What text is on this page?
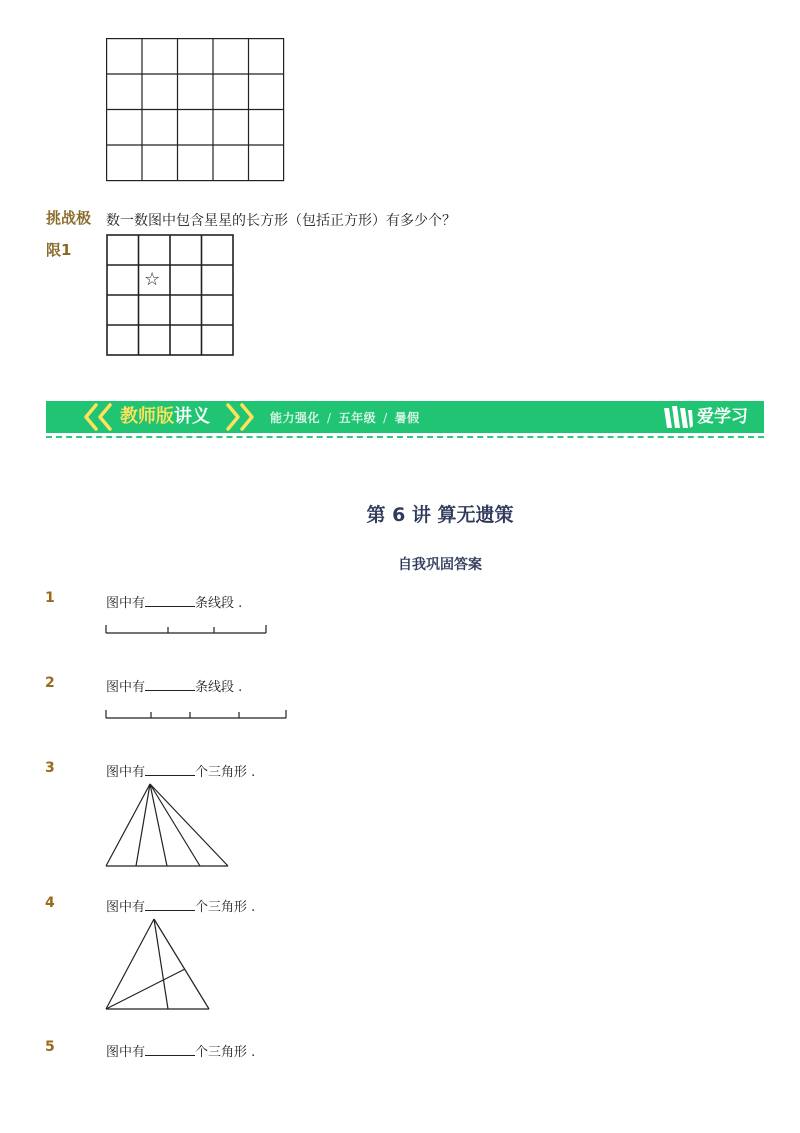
挑战极
限1
数一数图中包含星星的长方形（包括正方形）有多少个？
☆
教师版讲义	能力强化 / 五年级 / 暑假	爱学习
第 6 讲 算无遗策
自我巩固答案
1	图中有	条线段 .
2	图中有	条线段 .
3	图中有	个三角形 .
4	图中有	个三角形 .
5	图中有	个三角形 .
